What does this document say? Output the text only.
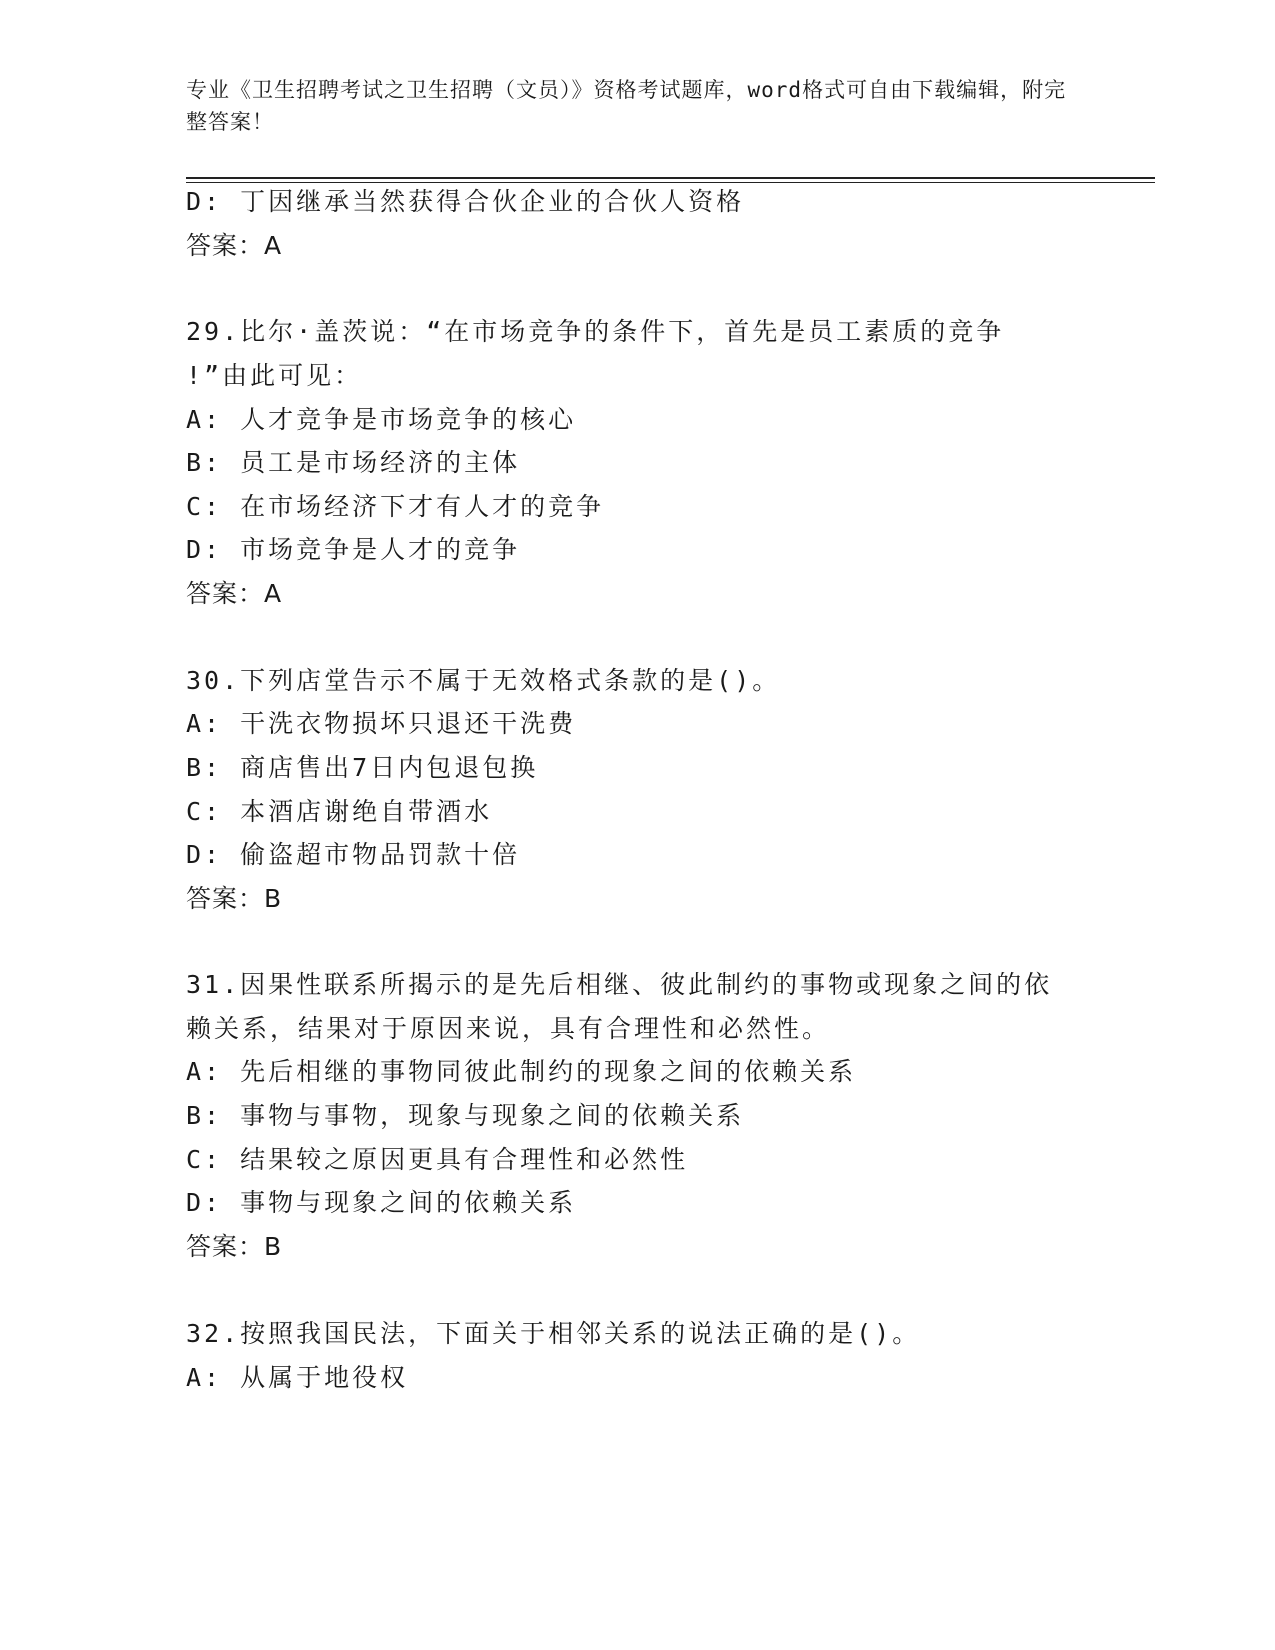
专业《卫生招聘考试之卫生招聘（文员）》资格考试题库，word格式可自由下载编辑，附完整答案！
D: 丁因继承当然获得合伙企业的合伙人资格
答案：A
29.比尔·盖茨说：“在市场竞争的条件下，首先是员工素质的竞争
!”由此可见：
A: 人才竞争是市场竞争的核心
B: 员工是市场经济的主体
C: 在市场经济下才有人才的竞争
D: 市场竞争是人才的竞争
答案：A
30.下列店堂告示不属于无效格式条款的是()。
A: 干洗衣物损坏只退还干洗费
B: 商店售出7日内包退包换
C: 本酒店谢绝自带酒水
D: 偷盗超市物品罚款十倍
答案：B
31.因果性联系所揭示的是先后相继、彼此制约的事物或现象之间的依
赖关系，结果对于原因来说，具有合理性和必然性。
A: 先后相继的事物同彼此制约的现象之间的依赖关系
B: 事物与事物，现象与现象之间的依赖关系
C: 结果较之原因更具有合理性和必然性
D: 事物与现象之间的依赖关系
答案：B
32.按照我国民法，下面关于相邻关系的说法正确的是()。
A: 从属于地役权
